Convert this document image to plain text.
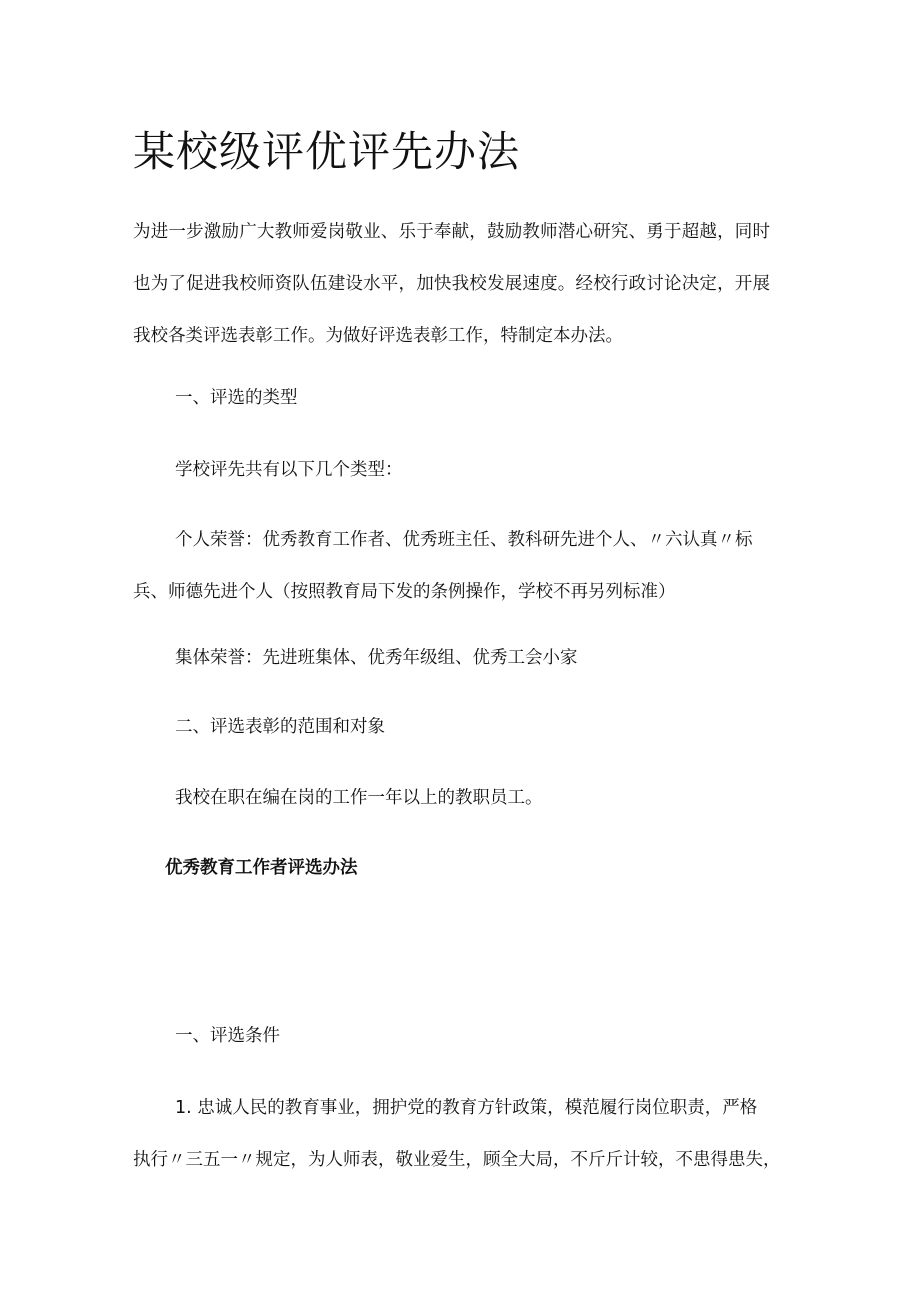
某校级评优评先办法
为进一步激励广大教师爱岗敬业、乐于奉献，鼓励教师潜心研究、勇于超越，同时
也为了促进我校师资队伍建设水平，加快我校发展速度。经校行政讨论决定，开展
我校各类评选表彰工作。为做好评选表彰工作，特制定本办法。
一、评选的类型
学校评先共有以下几个类型：
个人荣誉：优秀教育工作者、优秀班主任、教科研先进个人、〃六认真〃标
兵、师德先进个人（按照教育局下发的条例操作，学校不再另列标准）
集体荣誉：先进班集体、优秀年级组、优秀工会小家
二、评选表彰的范围和对象
我校在职在编在岗的工作一年以上的教职员工。
优秀教育工作者评选办法
一、评选条件
1. 忠诚人民的教育事业，拥护党的教育方针政策，模范履行岗位职责，严格
执行〃三五一〃规定，为人师表，敬业爱生，顾全大局，不斤斤计较，不患得患失，
